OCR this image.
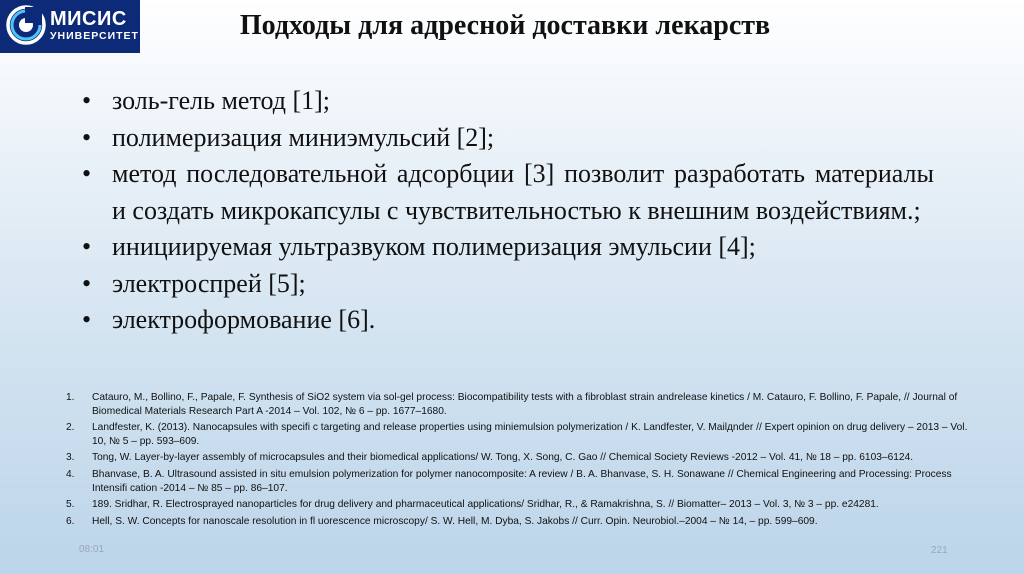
МИСИС
УНИВЕРСИТЕТ	Подходы для адресной доставки лекарств
• золь-гель метод [1];
• полимеризация миниэмульсий [2];
• метод последовательной адсорбции [3] позволит разработать материалы и создать микрокапсулы с чувствительностью к внешним воздействиям.;
• инициируемая ультразвуком полимеризация эмульсии [4];
• электроспрей [5];
• электроформование [6].
1. Catauro, M., Bollino, F., Papale, F. Synthesis of SiO2 system via sol-gel process: Biocompatibility tests with a fibroblast strain andrelease kinetics / M. Catauro, F. Bollino, F. Papale, // Journal of Biomedical Materials Research Part A -2014 – Vol. 102, № 6 – pp. 1677–1680.
2. Landfester, K. (2013). Nanocapsules with specifi c targeting and release properties using miniemulsion polymerization / K. Landfester, V. Mailдnder // Expert opinion on drug delivery – 2013 – Vol. 10, № 5 – pp. 593–609.
3. Tong, W. Layer-by-layer assembly of microcapsules and their biomedical applications/ W. Tong, X. Song, C. Gao // Chemical Society Reviews -2012 – Vol. 41, № 18 – pp. 6103–6124.
4. Bhanvase, B. A. Ultrasound assisted in situ emulsion polymerization for polymer nanocomposite: A review / B. A. Bhanvase, S. H. Sonawane // Chemical Engineering and Processing: Process Intensifi cation -2014 – № 85 – pp. 86–107.
5. 189. Sridhar, R. Electrosprayed nanoparticles for drug delivery and pharmaceutical applications/ Sridhar, R., & Ramakrishna, S. // Biomatter– 2013 – Vol. 3, № 3 – pp. e24281.
6. Hell, S. W. Concepts for nanoscale resolution in fl uorescence microscopy/ S. W. Hell, M. Dyba, S. Jakobs // Curr. Opin. Neurobiol.–2004 – № 14, – pp. 599–609.
08:01	221
